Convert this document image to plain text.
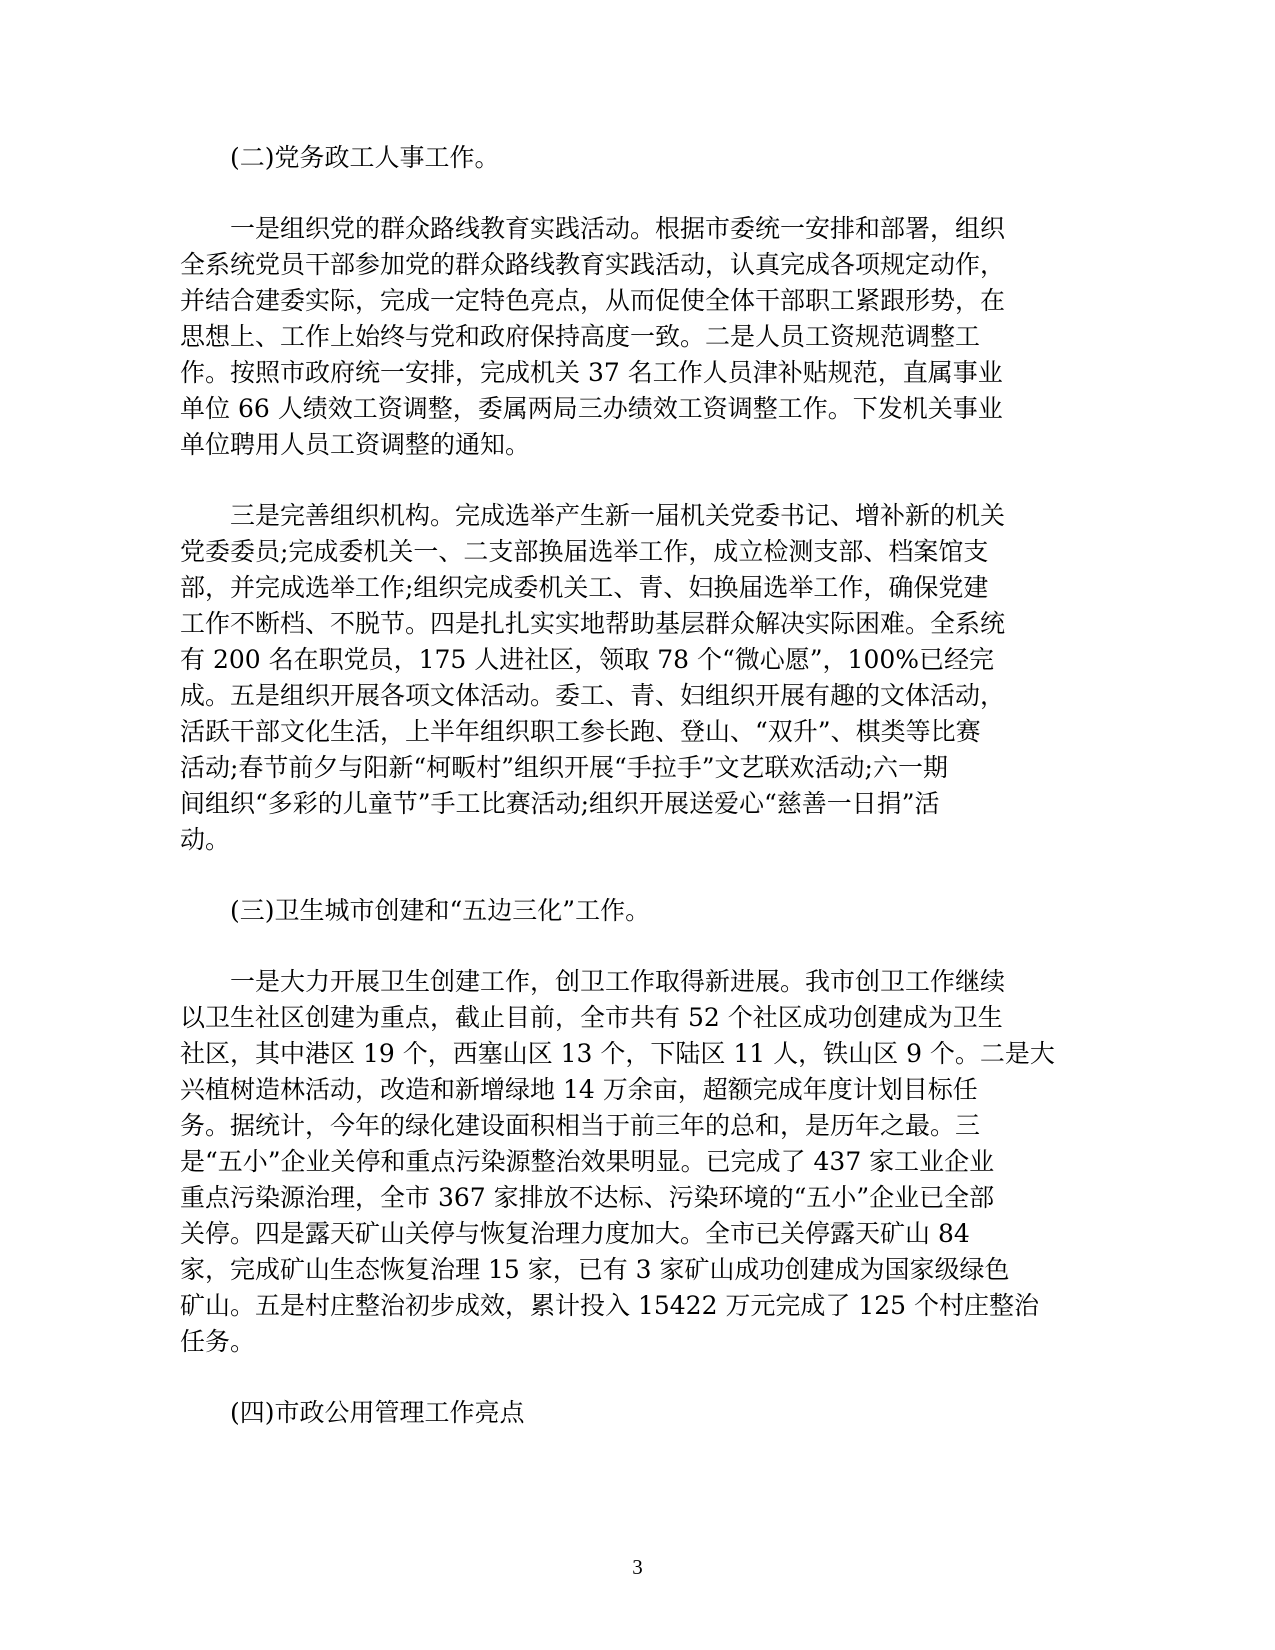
(二)党务政工人事工作。
一是组织党的群众路线教育实践活动。根据市委统一安排和部署，组织
全系统党员干部参加党的群众路线教育实践活动，认真完成各项规定动作，
并结合建委实际，完成一定特色亮点，从而促使全体干部职工紧跟形势，在
思想上、工作上始终与党和政府保持高度一致。二是人员工资规范调整工
作。按照市政府统一安排，完成机关 37 名工作人员津补贴规范，直属事业
单位 66 人绩效工资调整，委属两局三办绩效工资调整工作。下发机关事业
单位聘用人员工资调整的通知。
三是完善组织机构。完成选举产生新一届机关党委书记、增补新的机关
党委委员;完成委机关一、二支部换届选举工作，成立检测支部、档案馆支
部，并完成选举工作;组织完成委机关工、青、妇换届选举工作，确保党建
工作不断档、不脱节。四是扎扎实实地帮助基层群众解决实际困难。全系统
有 200 名在职党员，175 人进社区，领取 78 个“微心愿”，100%已经完
成。五是组织开展各项文体活动。委工、青、妇组织开展有趣的文体活动，
活跃干部文化生活，上半年组织职工参长跑、登山、“双升”、棋类等比赛
活动;春节前夕与阳新“柯畈村”组织开展“手拉手”文艺联欢活动;六一期
间组织“多彩的儿童节”手工比赛活动;组织开展送爱心“慈善一日捐”活
动。
(三)卫生城市创建和“五边三化”工作。
一是大力开展卫生创建工作，创卫工作取得新进展。我市创卫工作继续
以卫生社区创建为重点，截止目前，全市共有 52 个社区成功创建成为卫生
社区，其中港区 19 个，西塞山区 13 个，下陆区 11 人，铁山区 9 个。二是大
兴植树造林活动，改造和新增绿地 14 万余亩，超额完成年度计划目标任
务。据统计，今年的绿化建设面积相当于前三年的总和，是历年之最。三
是“五小”企业关停和重点污染源整治效果明显。已完成了 437 家工业企业
重点污染源治理，全市 367 家排放不达标、污染环境的“五小”企业已全部
关停。四是露天矿山关停与恢复治理力度加大。全市已关停露天矿山 84
家，完成矿山生态恢复治理 15 家，已有 3 家矿山成功创建成为国家级绿色
矿山。五是村庄整治初步成效，累计投入 15422 万元完成了 125 个村庄整治
任务。
(四)市政公用管理工作亮点
3
